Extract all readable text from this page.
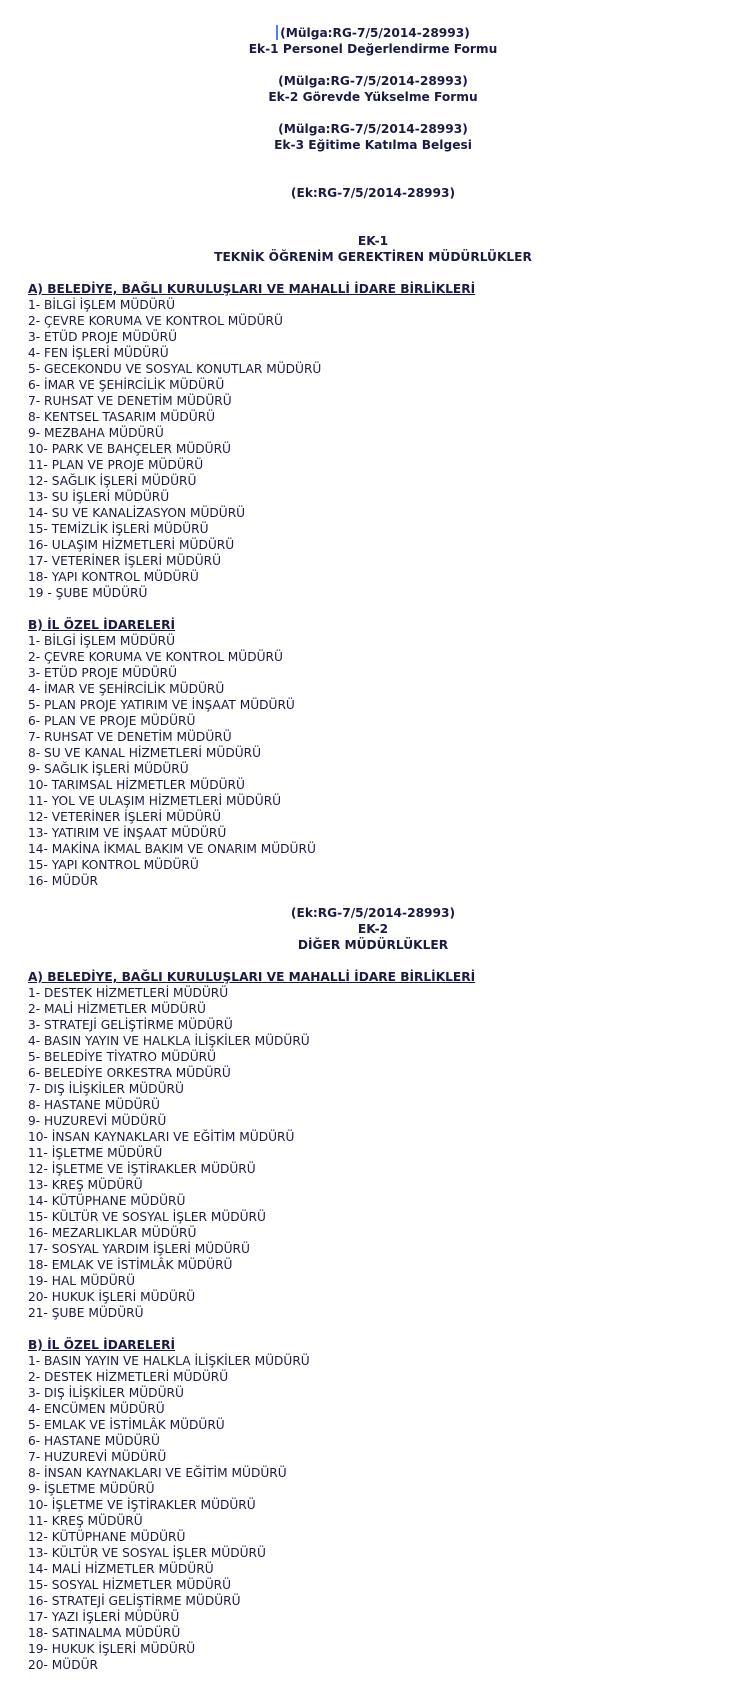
(Mülga:RG-7/5/2014-28993)
Ek-1 Personel Değerlendirme Formu
(Mülga:RG-7/5/2014-28993)
Ek-2 Görevde Yükselme Formu
(Mülga:RG-7/5/2014-28993)
Ek-3 Eğitime Katılma Belgesi
(Ek:RG-7/5/2014-28993)
EK-1
TEKNİK ÖĞRENİM GEREKTİREN MÜDÜRLÜKLER
A) BELEDİYE, BAĞLI KURULUŞLARI VE MAHALLİ İDARE BİRLİKLERİ
1- BİLGİ İŞLEM MÜDÜRÜ
2- ÇEVRE KORUMA VE KONTROL MÜDÜRÜ
3- ETÜD PROJE MÜDÜRÜ
4- FEN İŞLERİ MÜDÜRÜ
5- GECEKONDU VE SOSYAL KONUTLAR MÜDÜRÜ
6- İMAR VE ŞEHİRCİLİK MÜDÜRÜ
7- RUHSAT VE DENETİM MÜDÜRÜ
8- KENTSEL TASARIM MÜDÜRÜ
9- MEZBAHA MÜDÜRÜ
10- PARK VE BAHÇELER MÜDÜRÜ
11- PLAN VE PROJE MÜDÜRÜ
12- SAĞLIK İŞLERİ MÜDÜRÜ
13- SU İŞLERİ MÜDÜRÜ
14- SU VE KANALİZASYON MÜDÜRÜ
15- TEMİZLİK İŞLERİ MÜDÜRÜ
16- ULAŞIM HİZMETLERİ MÜDÜRÜ
17- VETERİNER İŞLERİ MÜDÜRÜ
18- YAPI KONTROL MÜDÜRÜ
19 - ŞUBE MÜDÜRÜ
B) İL ÖZEL İDARELERİ
1- BİLGİ İŞLEM MÜDÜRÜ
2- ÇEVRE KORUMA VE KONTROL MÜDÜRÜ
3- ETÜD PROJE MÜDÜRÜ
4- İMAR VE ŞEHİRCİLİK MÜDÜRÜ
5- PLAN PROJE YATIRIM VE İNŞAAT MÜDÜRÜ
6- PLAN VE PROJE MÜDÜRÜ
7- RUHSAT VE DENETİM MÜDÜRÜ
8- SU VE KANAL HİZMETLERİ MÜDÜRÜ
9- SAĞLIK İŞLERİ MÜDÜRÜ
10- TARIMSAL HİZMETLER MÜDÜRÜ
11- YOL VE ULAŞIM HİZMETLERİ MÜDÜRÜ
12- VETERİNER İŞLERİ MÜDÜRÜ
13- YATIRIM VE İNŞAAT MÜDÜRÜ
14- MAKİNA İKMAL BAKIM VE ONARIM MÜDÜRÜ
15- YAPI KONTROL MÜDÜRÜ
16- MÜDÜR
(Ek:RG-7/5/2014-28993)
EK-2
DİĞER MÜDÜRLÜKLER
A) BELEDİYE, BAĞLI KURULUŞLARI VE MAHALLİ İDARE BİRLİKLERİ
1- DESTEK HİZMETLERİ MÜDÜRÜ
2- MALİ HİZMETLER MÜDÜRÜ
3- STRATEJİ GELİŞTİRME MÜDÜRÜ
4- BASIN YAYIN VE HALKLA İLİŞKİLER MÜDÜRÜ
5- BELEDİYE TİYATRO MÜDÜRÜ
6- BELEDİYE ORKESTRA MÜDÜRÜ
7- DIŞ İLİŞKİLER MÜDÜRÜ
8- HASTANE MÜDÜRÜ
9- HUZUREVİ MÜDÜRÜ
10- İNSAN KAYNAKLARI VE EĞİTİM MÜDÜRÜ
11- İŞLETME MÜDÜRÜ
12- İŞLETME VE İŞTİRAKLER MÜDÜRÜ
13- KREŞ MÜDÜRÜ
14- KÜTÜPHANE MÜDÜRÜ
15- KÜLTÜR VE SOSYAL İŞLER MÜDÜRÜ
16- MEZARLIKLAR MÜDÜRÜ
17- SOSYAL YARDIM İŞLERİ MÜDÜRÜ
18- EMLAK VE İSTİMLÂK MÜDÜRÜ
19- HAL MÜDÜRÜ
20- HUKUK İŞLERİ MÜDÜRÜ
21- ŞUBE MÜDÜRÜ
B) İL ÖZEL İDARELERİ
1- BASIN YAYIN VE HALKLA İLİŞKİLER MÜDÜRÜ
2- DESTEK HİZMETLERİ MÜDÜRÜ
3- DIŞ İLİŞKİLER MÜDÜRÜ
4- ENCÜMEN MÜDÜRÜ
5- EMLAK VE İSTİMLÂK MÜDÜRÜ
6- HASTANE MÜDÜRÜ
7- HUZUREVİ MÜDÜRÜ
8- İNSAN KAYNAKLARI VE EĞİTİM MÜDÜRÜ
9- İŞLETME MÜDÜRÜ
10- İŞLETME VE İŞTİRAKLER MÜDÜRÜ
11- KREŞ MÜDÜRÜ
12- KÜTÜPHANE MÜDÜRÜ
13- KÜLTÜR VE SOSYAL İŞLER MÜDÜRÜ
14- MALİ HİZMETLER MÜDÜRÜ
15- SOSYAL HİZMETLER MÜDÜRÜ
16- STRATEJİ GELİŞTİRME MÜDÜRÜ
17- YAZI İŞLERİ MÜDÜRÜ
18- SATINALMA MÜDÜRÜ
19- HUKUK İŞLERİ MÜDÜRÜ
20- MÜDÜR
